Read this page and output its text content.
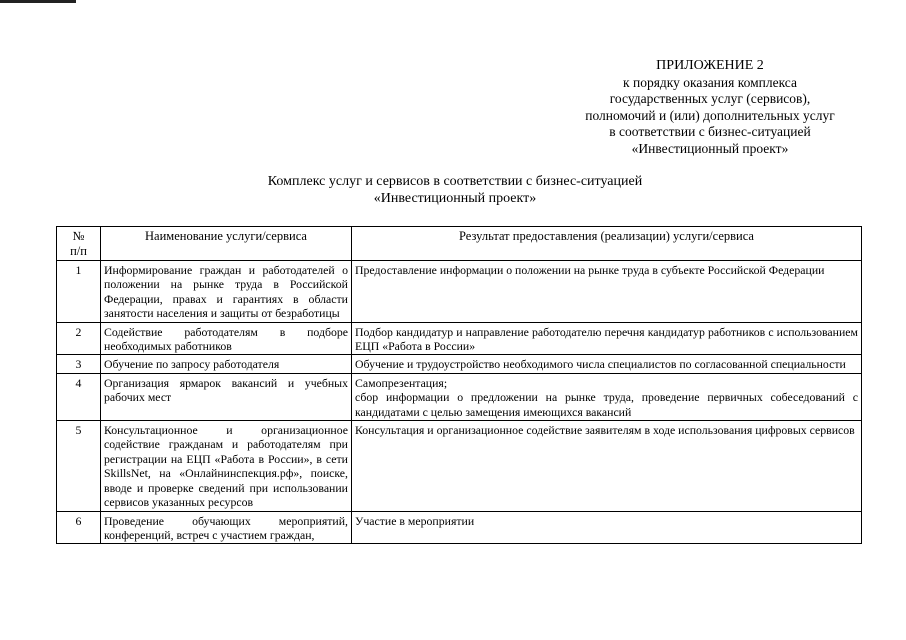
ПРИЛОЖЕНИЕ 2
к порядку оказания комплекса
государственных услуг (сервисов),
полномочий и (или) дополнительных услуг
в соответствии с бизнес-ситуацией
«Инвестиционный проект»
Комплекс услуг и сервисов в соответствии с бизнес-ситуацией
«Инвестиционный проект»
№
п/п	Наименование услуги/сервиса	Результат предоставления (реализации) услуги/сервиса
1	Информирование граждан и работодателей о положении на рынке труда в Российской Федерации, правах и гарантиях в области занятости населения и защиты от безработицы	Предоставление информации о положении на рынке труда в субъекте Российской Федерации
2	Содействие работодателям в подборе необходимых работников	Подбор кандидатур и направление работодателю перечня кандидатур работников с использованием ЕЦП «Работа в России»
3	Обучение по запросу работодателя	Обучение и трудоустройство необходимого числа специалистов по согласованной специальности
4	Организация ярмарок вакансий и учебных рабочих мест	Самопрезентация;
сбор информации о предложении на рынке труда, проведение первичных собеседований с кандидатами с целью замещения имеющихся вакансий

5	Консультационное и организационное содействие гражданам и работодателям при регистрации на ЕЦП «Работа в России», в сети SkillsNet, на «Онлайнинспекция.рф», поиске, вводе и проверке сведений при использовании сервисов указанных ресурсов	Консультация и организационное содействие заявителям в ходе использования цифровых сервисов
6	Проведение обучающих мероприятий, конференций, встреч с участием граждан,	Участие в мероприятии
